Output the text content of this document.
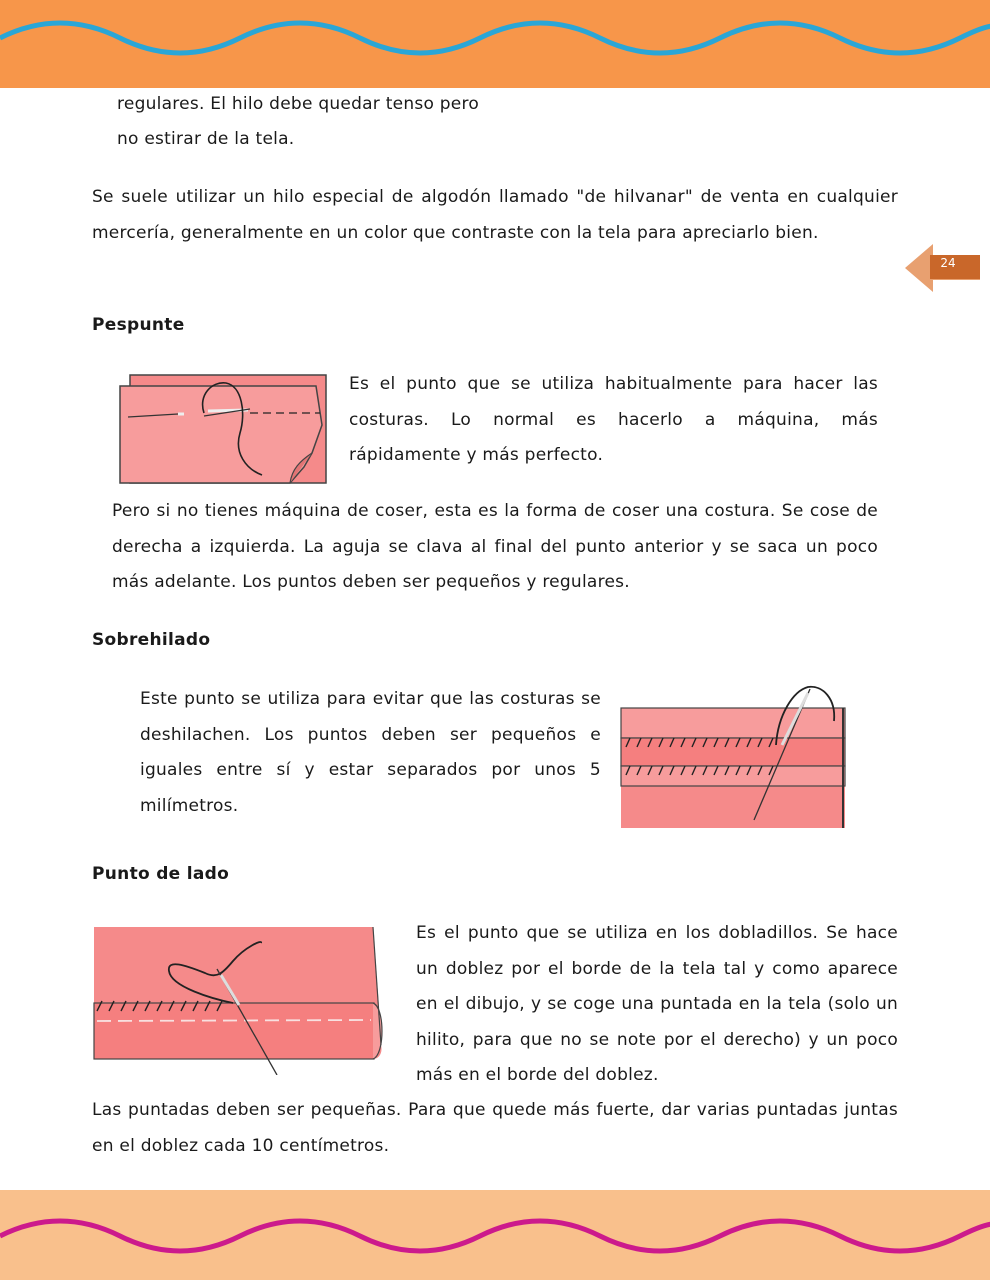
24

regulares. El hilo debe quedar tenso pero

no estirar de la tela.

Se suele utilizar un hilo especial de algodón llamado "de hilvanar" de venta en cualquier mercería, generalmente en un color que contraste con la tela para apreciarlo bien.

Pespunte

Es el punto que se utiliza habitualmente para hacer las costuras. Lo normal es hacerlo a máquina, más rápidamente y más perfecto.

Pero si no tienes máquina de coser, esta es la forma de coser una costura. Se cose de derecha a izquierda. La aguja se clava al final del punto anterior y se saca un poco más adelante. Los puntos deben ser pequeños y regulares.

Sobrehilado

Este punto se utiliza para evitar que las costuras se deshilachen. Los puntos deben ser pequeños e iguales entre sí y estar separados por unos 5 milímetros.

Punto de lado

Es el punto que se utiliza en los dobladillos. Se hace un doblez por el borde de la tela tal y como aparece en el dibujo, y se coge una puntada en la tela (solo un hilito, para que no se note por el derecho) y un poco más en el borde del doblez.

Las puntadas deben ser pequeñas. Para que quede más fuerte, dar varias puntadas juntas en el doblez cada 10 centímetros.
